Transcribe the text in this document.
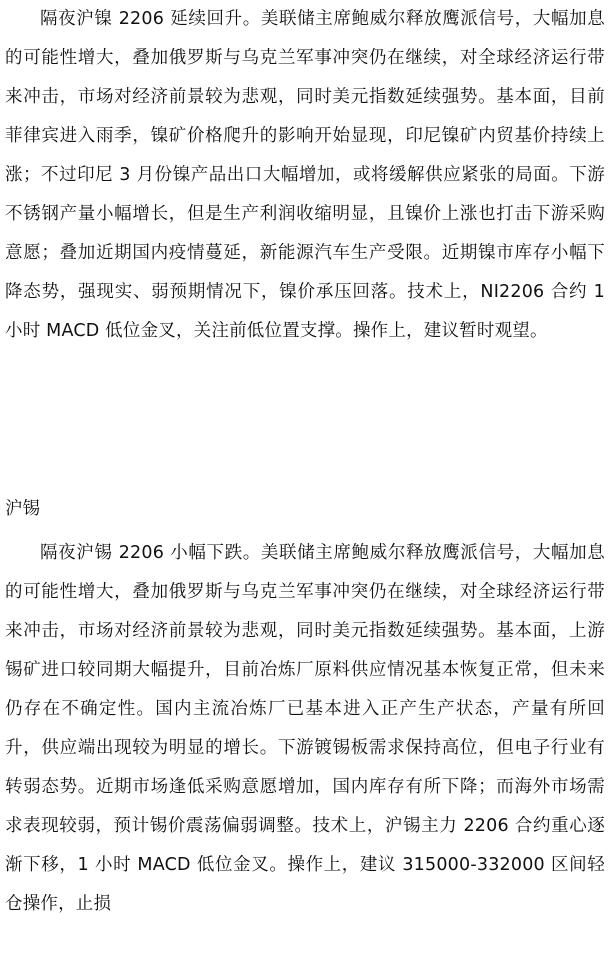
隔夜沪镍 2206 延续回升。美联储主席鲍威尔释放鹰派信号，大幅加息的可能性增大，叠加俄罗斯与乌克兰军事冲突仍在继续，对全球经济运行带来冲击，市场对经济前景较为悲观，同时美元指数延续强势。基本面，目前菲律宾进入雨季，镍矿价格爬升的影响开始显现，印尼镍矿内贸基价持续上涨；不过印尼 3 月份镍产品出口大幅增加，或将缓解供应紧张的局面。下游不锈钢产量小幅增长，但是生产利润收缩明显，且镍价上涨也打击下游采购意愿；叠加近期国内疫情蔓延，新能源汽车生产受限。近期镍市库存小幅下降态势，强现实、弱预期情况下，镍价承压回落。技术上，NI2206 合约 1 小时 MACD 低位金叉，关注前低位置支撑。操作上，建议暂时观望。

沪锡

隔夜沪锡 2206 小幅下跌。美联储主席鲍威尔释放鹰派信号，大幅加息的可能性增大，叠加俄罗斯与乌克兰军事冲突仍在继续，对全球经济运行带来冲击，市场对经济前景较为悲观，同时美元指数延续强势。基本面，上游锡矿进口较同期大幅提升，目前冶炼厂原料供应情况基本恢复正常，但未来仍存在不确定性。国内主流冶炼厂已基本进入正产生产状态，产量有所回升，供应端出现较为明显的增长。下游镀锡板需求保持高位，但电子行业有转弱态势。近期市场逢低采购意愿增加，国内库存有所下降；而海外市场需求表现较弱，预计锡价震荡偏弱调整。技术上，沪锡主力 2206 合约重心逐渐下移，1 小时 MACD 低位金叉。操作上，建议 315000-332000 区间轻仓操作，止损
